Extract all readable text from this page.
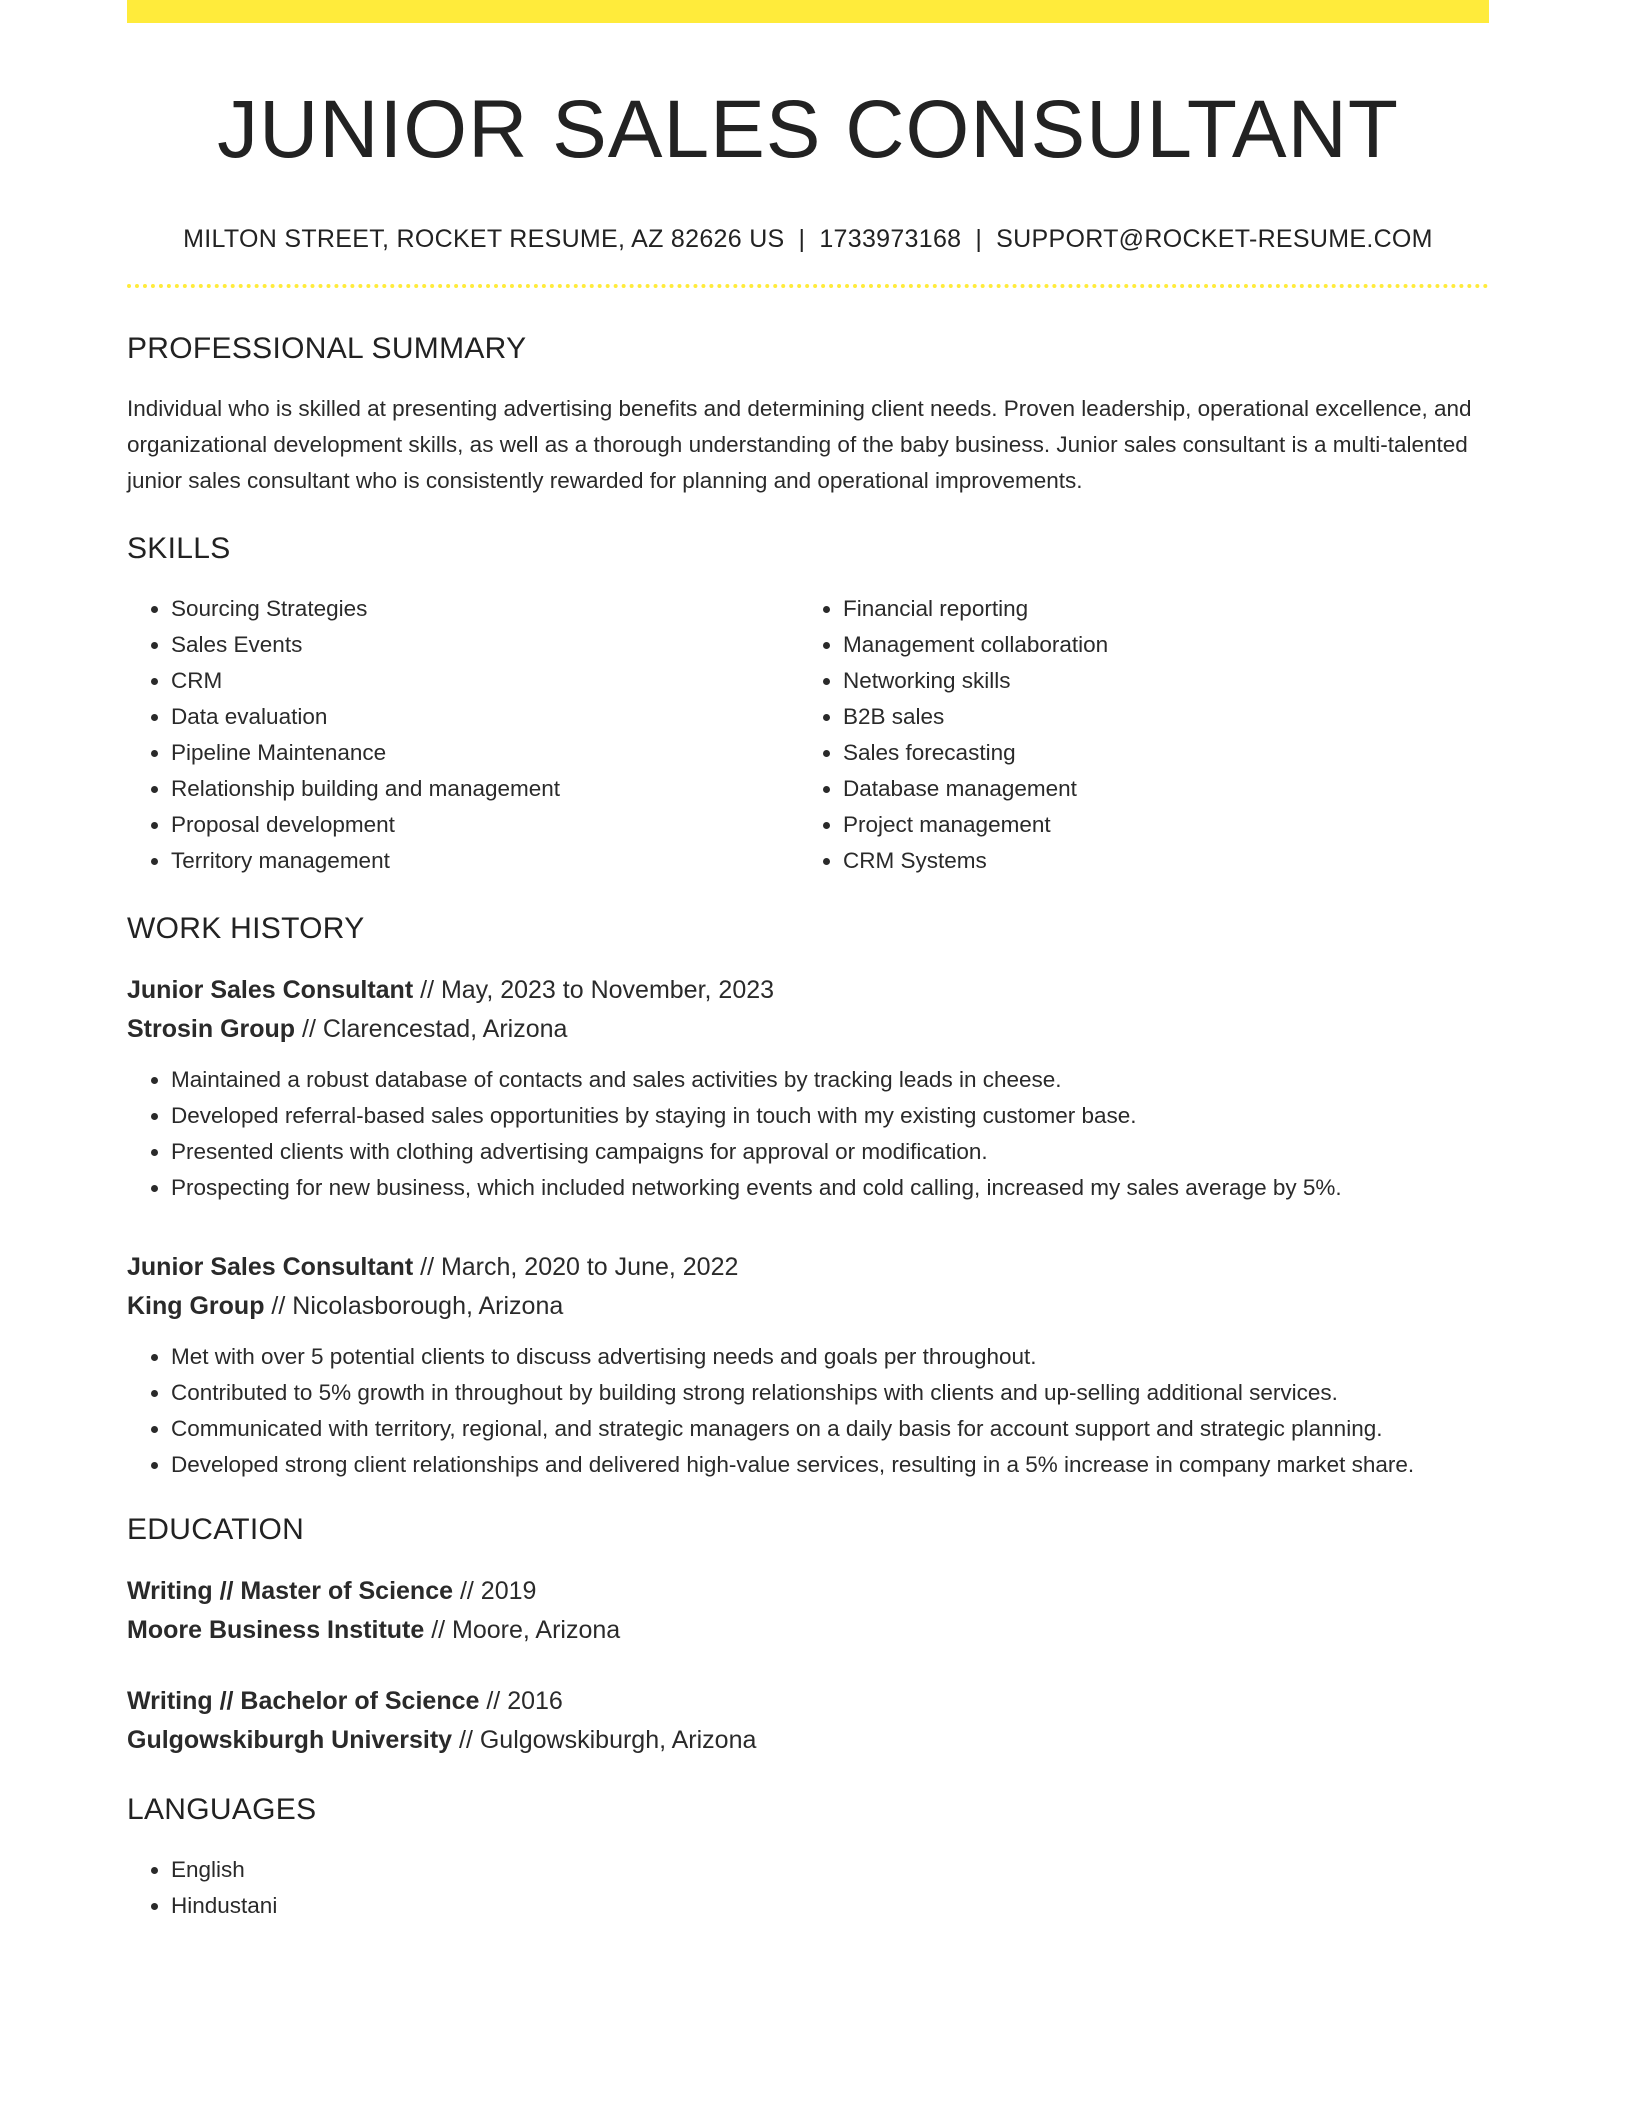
JUNIOR SALES CONSULTANT
MILTON STREET, ROCKET RESUME, AZ 82626 US | 1733973168 | SUPPORT@ROCKET-RESUME.COM
PROFESSIONAL SUMMARY
Individual who is skilled at presenting advertising benefits and determining client needs. Proven leadership, operational excellence, and organizational development skills, as well as a thorough understanding of the baby business. Junior sales consultant is a multi-talented junior sales consultant who is consistently rewarded for planning and operational improvements.
SKILLS
• Sourcing Strategies
• Sales Events
• CRM
• Data evaluation
• Pipeline Maintenance
• Relationship building and management
• Proposal development
• Territory management
• Financial reporting
• Management collaboration
• Networking skills
• B2B sales
• Sales forecasting
• Database management
• Project management
• CRM Systems
WORK HISTORY
Junior Sales Consultant // May, 2023 to November, 2023
Strosin Group // Clarencestad, Arizona
• Maintained a robust database of contacts and sales activities by tracking leads in cheese.
• Developed referral-based sales opportunities by staying in touch with my existing customer base.
• Presented clients with clothing advertising campaigns for approval or modification.
• Prospecting for new business, which included networking events and cold calling, increased my sales average by 5%.
Junior Sales Consultant // March, 2020 to June, 2022
King Group // Nicolasborough, Arizona
• Met with over 5 potential clients to discuss advertising needs and goals per throughout.
• Contributed to 5% growth in throughout by building strong relationships with clients and up-selling additional services.
• Communicated with territory, regional, and strategic managers on a daily basis for account support and strategic planning.
• Developed strong client relationships and delivered high-value services, resulting in a 5% increase in company market share.
EDUCATION
Writing // Master of Science // 2019
Moore Business Institute // Moore, Arizona
Writing // Bachelor of Science // 2016
Gulgowskiburgh University // Gulgowskiburgh, Arizona
LANGUAGES
• English
• Hindustani
